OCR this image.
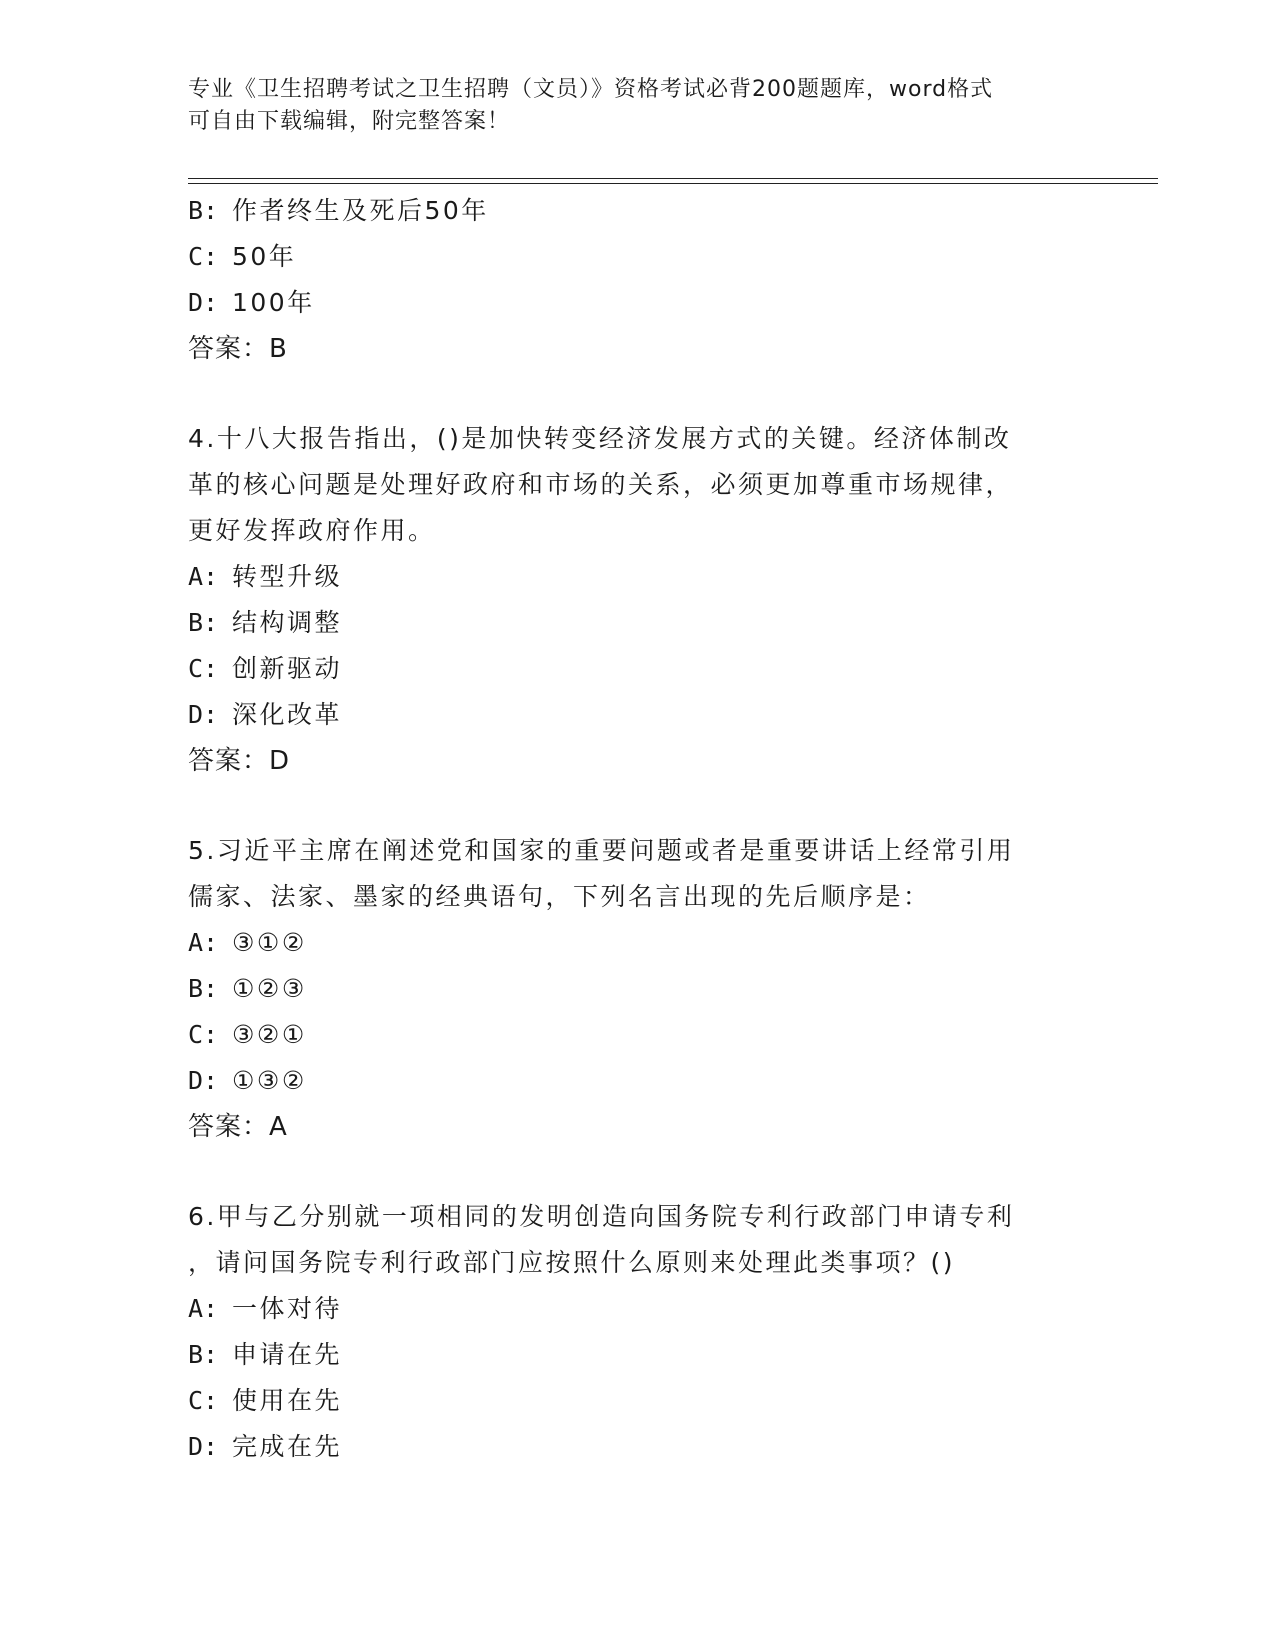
专业《卫生招聘考试之卫生招聘（文员）》资格考试必背200题题库，word格式
可自由下载编辑，附完整答案！
B: 作者终生及死后50年
C: 50年
D: 100年
答案：B
4.十八大报告指出，()是加快转变经济发展方式的关键。经济体制改
革的核心问题是处理好政府和市场的关系，必须更加尊重市场规律，
更好发挥政府作用。
A: 转型升级
B: 结构调整
C: 创新驱动
D: 深化改革
答案：D
5.习近平主席在阐述党和国家的重要问题或者是重要讲话上经常引用
儒家、法家、墨家的经典语句，下列名言出现的先后顺序是：
A: ③①②
B: ①②③
C: ③②①
D: ①③②
答案：A
6.甲与乙分别就一项相同的发明创造向国务院专利行政部门申请专利
，请问国务院专利行政部门应按照什么原则来处理此类事项？()
A: 一体对待
B: 申请在先
C: 使用在先
D: 完成在先
